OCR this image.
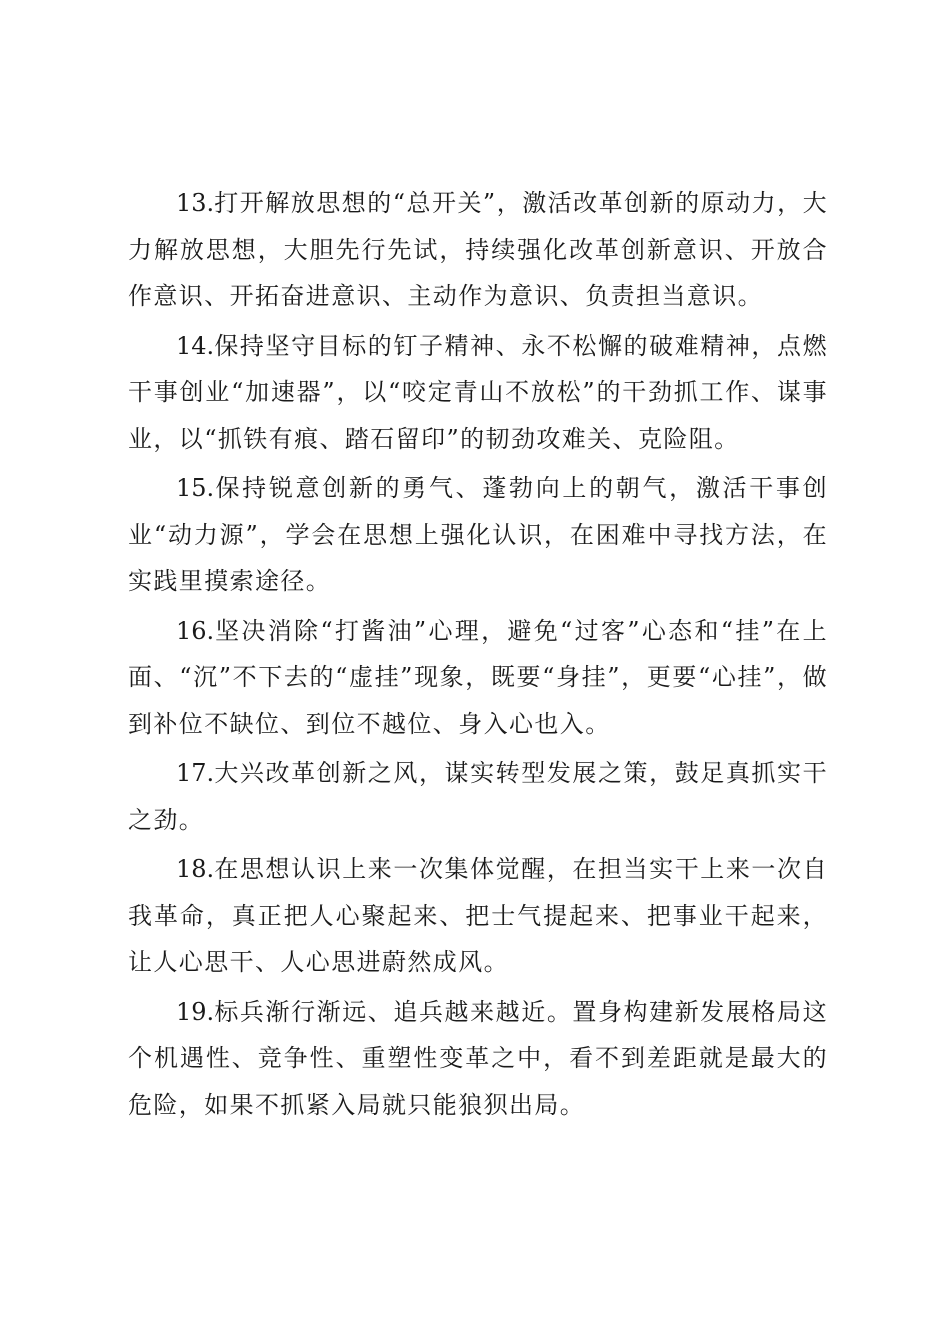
13.打开解放思想的“总开关”，激活改革创新的原动力，大力解放思想，大胆先行先试，持续强化改革创新意识、开放合作意识、开拓奋进意识、主动作为意识、负责担当意识。

14.保持坚守目标的钉子精神、永不松懈的破难精神，点燃干事创业“加速器”，以“咬定青山不放松”的干劲抓工作、谋事业，以“抓铁有痕、踏石留印”的韧劲攻难关、克险阻。

15.保持锐意创新的勇气、蓬勃向上的朝气，激活干事创业“动力源”，学会在思想上强化认识，在困难中寻找方法，在实践里摸索途径。

16.坚决消除“打酱油”心理，避免“过客”心态和“挂”在上面、“沉”不下去的“虚挂”现象，既要“身挂”，更要“心挂”，做到补位不缺位、到位不越位、身入心也入。

17.大兴改革创新之风，谋实转型发展之策，鼓足真抓实干之劲。

18.在思想认识上来一次集体觉醒，在担当实干上来一次自我革命，真正把人心聚起来、把士气提起来、把事业干起来，让人心思干、人心思进蔚然成风。

19.标兵渐行渐远、追兵越来越近。置身构建新发展格局这个机遇性、竞争性、重塑性变革之中，看不到差距就是最大的危险，如果不抓紧入局就只能狼狈出局。
